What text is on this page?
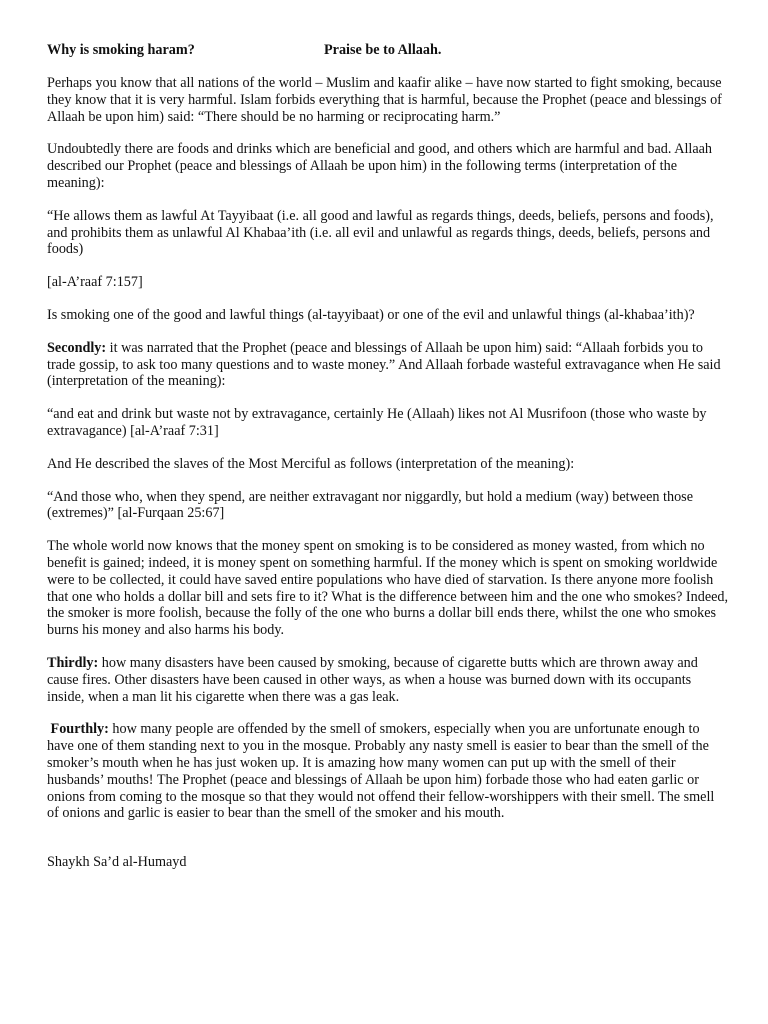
Why is smoking haram?	Praise be to Allaah.

Perhaps you know that all nations of the world – Muslim and kaafir alike – have now started to fight smoking, because they know that it is very harmful. Islam forbids everything that is harmful, because the Prophet (peace and blessings of Allaah be upon him) said: “There should be no harming or reciprocating harm.”

Undoubtedly there are foods and drinks which are beneficial and good, and others which are harmful and bad. Allaah described our Prophet (peace and blessings of Allaah be upon him) in the following terms (interpretation of the meaning):

“He allows them as lawful At Tayyibaat (i.e. all good and lawful as regards things, deeds, beliefs, persons and foods), and prohibits them as unlawful Al Khabaa’ith (i.e. all evil and unlawful as regards things, deeds, beliefs, persons and foods)

[al-A’raaf 7:157]

Is smoking one of the good and lawful things (al-tayyibaat) or one of the evil and unlawful things (al-khabaa’ith)?

Secondly: it was narrated that the Prophet (peace and blessings of Allaah be upon him) said: “Allaah forbids you to trade gossip, to ask too many questions and to waste money.” And Allaah forbade wasteful extravagance when He said (interpretation of the meaning):

“and eat and drink but waste not by extravagance, certainly He (Allaah) likes not Al Musrifoon (those who waste by extravagance) [al-A’raaf 7:31]

And He described the slaves of the Most Merciful as follows (interpretation of the meaning):

“And those who, when they spend, are neither extravagant nor niggardly, but hold a medium (way) between those (extremes)” [al-Furqaan 25:67]

The whole world now knows that the money spent on smoking is to be considered as money wasted, from which no benefit is gained; indeed, it is money spent on something harmful. If the money which is spent on smoking worldwide were to be collected, it could have saved entire populations who have died of starvation. Is there anyone more foolish that one who holds a dollar bill and sets fire to it? What is the difference between him and the one who smokes? Indeed, the smoker is more foolish, because the folly of the one who burns a dollar bill ends there, whilst the one who smokes burns his money and also harms his body.

Thirdly: how many disasters have been caused by smoking, because of cigarette butts which are thrown away and cause fires. Other disasters have been caused in other ways, as when a house was burned down with its occupants inside, when a man lit his cigarette when there was a gas leak.

Fourthly: how many people are offended by the smell of smokers, especially when you are unfortunate enough to have one of them standing next to you in the mosque. Probably any nasty smell is easier to bear than the smell of the smoker’s mouth when he has just woken up. It is amazing how many women can put up with the smell of their husbands’ mouths! The Prophet (peace and blessings of Allaah be upon him) forbade those who had eaten garlic or onions from coming to the mosque so that they would not offend their fellow-worshippers with their smell. The smell of onions and garlic is easier to bear than the smell of the smoker and his mouth.

Shaykh Sa’d al-Humayd
